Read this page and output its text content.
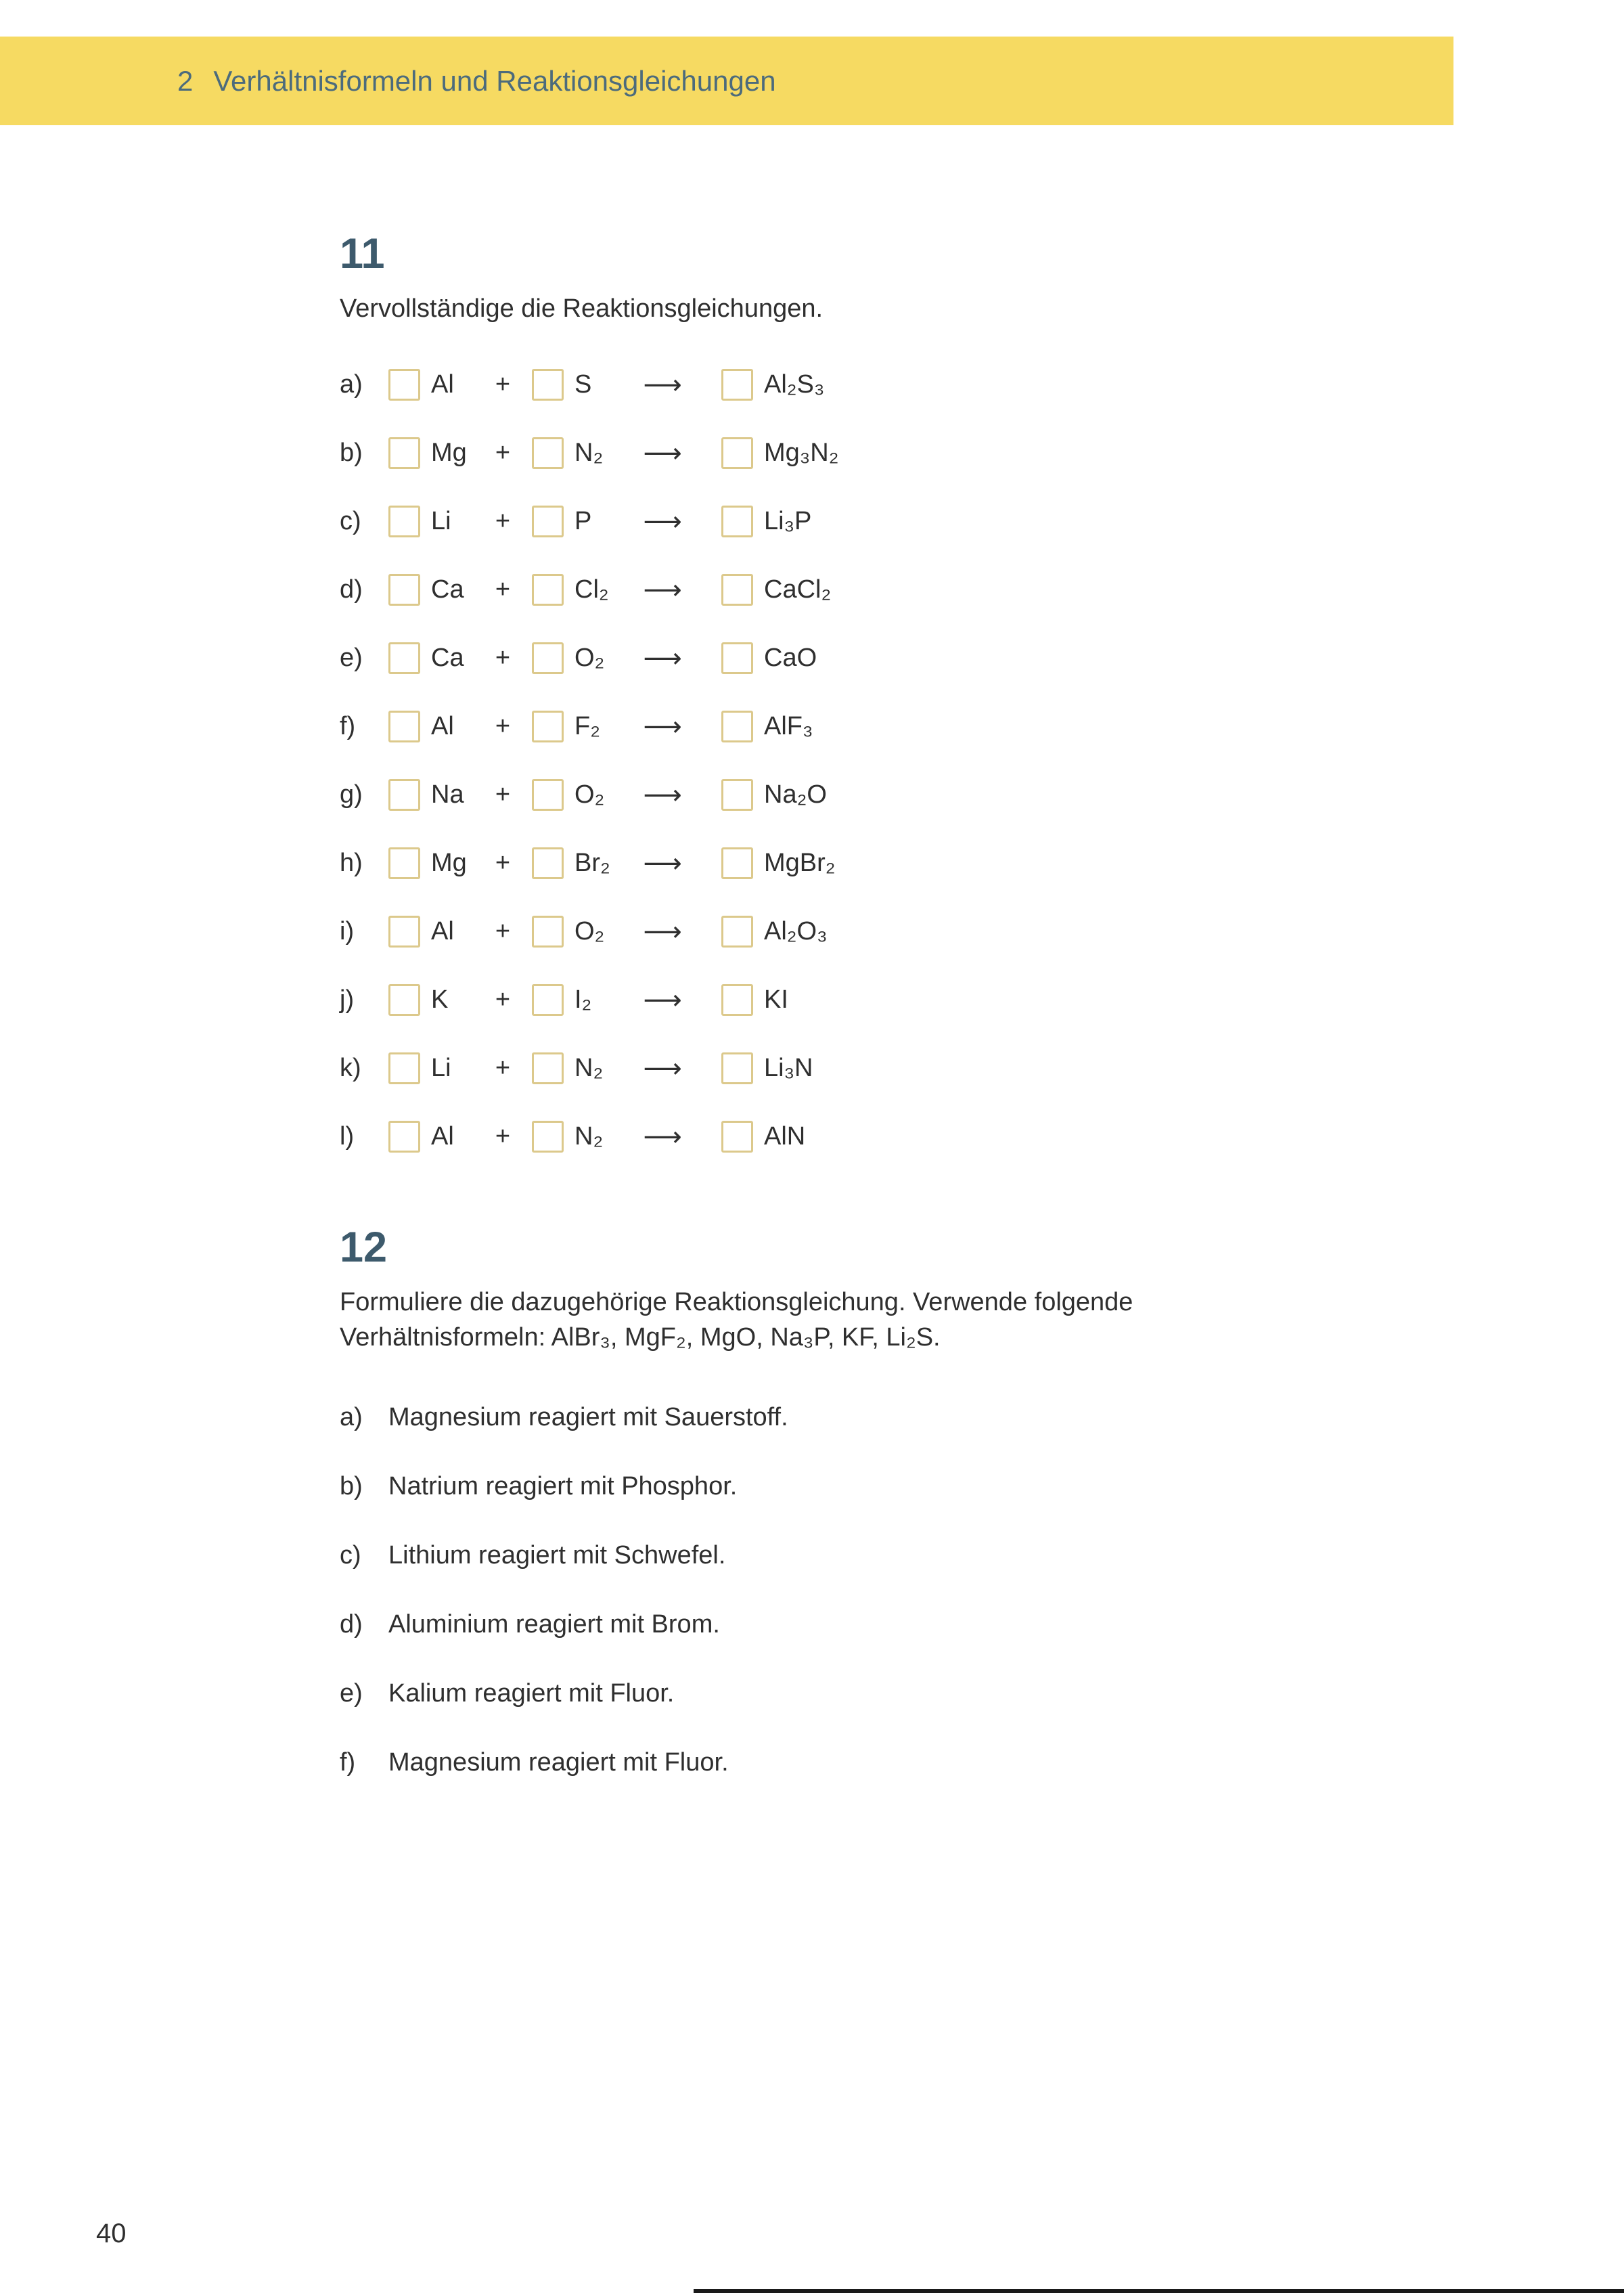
2 Verhältnisformeln und Reaktionsgleichungen
11
Vervollständige die Reaktionsgleichungen.
a)	Al	+ S	⟶	Al₂S₃
b)	Mg	+ N₂	⟶	Mg₃N₂
c)	Li	+ P	⟶	Li₃P
d)	Ca	+ Cl₂	⟶	CaCl₂
e)	Ca	+ O₂	⟶	CaO
f)	Al	+ F₂	⟶	AlF₃
g)	Na	+ O₂	⟶	Na₂O
h)	Mg	+ Br₂	⟶	MgBr₂
i)	Al	+ O₂	⟶	Al₂O₃
j)	K	+ I₂	⟶	KI
k)	Li	+ N₂	⟶	Li₃N
l)	Al	+ N₂	⟶	AlN
12
Formuliere die dazugehörige Reaktionsgleichung. Verwende folgende
Verhältnisformeln: AlBr₃, MgF₂, MgO, Na₃P, KF, Li₂S.
a)	Magnesium reagiert mit Sauerstoff.
b)	Natrium reagiert mit Phosphor.
c)	Lithium reagiert mit Schwefel.
d)	Aluminium reagiert mit Brom.
e)	Kalium reagiert mit Fluor.
f)	Magnesium reagiert mit Fluor.
40
